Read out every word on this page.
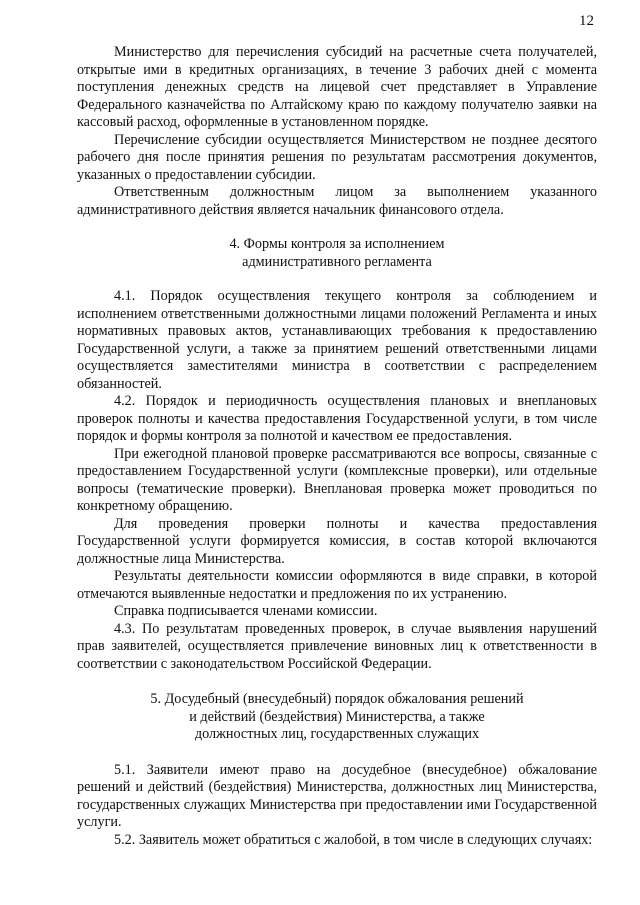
12

Министерство для перечисления субсидий на расчетные счета получателей, открытые ими в кредитных организациях, в течение 3 рабочих дней с момента поступления денежных средств на лицевой счет представляет в Управление Федерального казначейства по Алтайскому краю по каждому получателю заявки на кассовый расход, оформленные в установленном порядке.

Перечисление субсидии осуществляется Министерством не позднее десятого рабочего дня после принятия решения по результатам рассмотрения документов, указанных о предоставлении субсидии.

Ответственным должностным лицом за выполнением указанного административного действия является начальник финансового отдела.

4. Формы контроля за исполнением
административного регламента

4.1. Порядок осуществления текущего контроля за соблюдением и исполнением ответственными должностными лицами положений Регламента и иных нормативных правовых актов, устанавливающих требования к предоставлению Государственной услуги, а также за принятием решений ответственными лицами осуществляется заместителями министра в соответствии с распределением обязанностей.

4.2. Порядок и периодичность осуществления плановых и внеплановых проверок полноты и качества предоставления Государственной услуги, в том числе порядок и формы контроля за полнотой и качеством ее предоставления.

При ежегодной плановой проверке рассматриваются все вопросы, связанные с предоставлением Государственной услуги (комплексные проверки), или отдельные вопросы (тематические проверки). Внеплановая проверка может проводиться по конкретному обращению.

Для проведения проверки полноты и качества предоставления Государственной услуги формируется комиссия, в состав которой включаются должностные лица Министерства.

Результаты деятельности комиссии оформляются в виде справки, в которой отмечаются выявленные недостатки и предложения по их устранению.

Справка подписывается членами комиссии.

4.3. По результатам проведенных проверок, в случае выявления нарушений прав заявителей, осуществляется привлечение виновных лиц к ответственности в соответствии с законодательством Российской Федерации.

5. Досудебный (внесудебный) порядок обжалования решений
и действий (бездействия) Министерства, а также
должностных лиц, государственных служащих

5.1. Заявители имеют право на досудебное (внесудебное) обжалование решений и действий (бездействия) Министерства, должностных лиц Министерства, государственных служащих Министерства при предоставлении ими Государственной услуги.

5.2. Заявитель может обратиться с жалобой, в том числе в следующих случаях:
